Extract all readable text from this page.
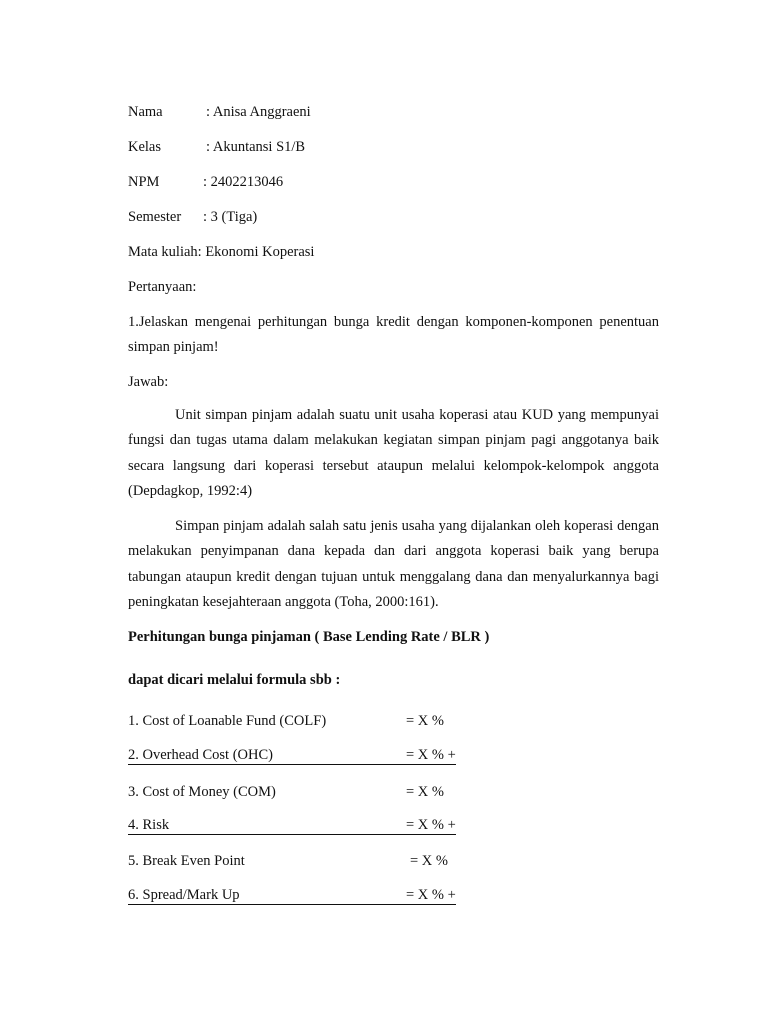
Nama	: Anisa Anggraeni
Kelas	: Akuntansi S1/B
NPM	: 2402213046
Semester : 3 (Tiga)
Mata kuliah: Ekonomi Koperasi
Pertanyaan:
1.Jelaskan mengenai perhitungan bunga kredit dengan komponen-komponen penentuan simpan pinjam!
Jawab:
Unit simpan pinjam adalah suatu unit usaha koperasi atau KUD yang mempunyai fungsi dan tugas utama dalam melakukan kegiatan simpan pinjam pagi anggotanya baik secara langsung dari koperasi tersebut ataupun melalui kelompok-kelompok anggota (Depdagkop, 1992:4)
Simpan pinjam adalah salah satu jenis usaha yang dijalankan oleh koperasi dengan melakukan penyimpanan dana kepada dan dari anggota koperasi baik yang berupa tabungan ataupun kredit dengan tujuan untuk menggalang dana dan menyalurkannya bagi peningkatan kesejahteraan anggota (Toha, 2000:161).
Perhitungan bunga pinjaman ( Base Lending Rate / BLR )
dapat dicari melalui formula sbb :
1. Cost of Loanable Fund (COLF)	= X %
2. Overhead Cost (OHC)	= X % +
3. Cost of Money (COM)	= X %
4. Risk	= X % +
5. Break Even Point	= X %
6. Spread/Mark Up	= X % +
